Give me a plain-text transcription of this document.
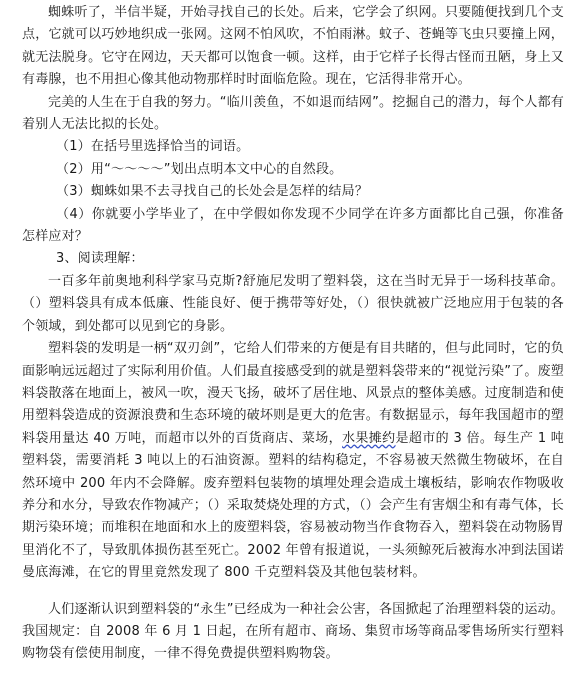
蜘蛛听了，半信半疑，开始寻找自己的长处。后来，它学会了织网。只要随便找到几个支点，它就可以巧妙地织成一张网。这网不怕风吹，不怕雨淋。蚊子、苍蝇等飞虫只要撞上网，就无法脱身。它守在网边，天天都可以饱食一顿。这样，由于它样子长得古怪而丑陋，身上又有毒腺，也不用担心像其他动物那样时时面临危险。现在，它活得非常开心。

完美的人生在于自我的努力。“临川羡鱼，不如退而结网”。挖掘自己的潜力，每个人都有着别人无法比拟的长处。

（1）在括号里选择恰当的词语。

（2）用“～～～～”划出点明本文中心的自然段。

（3）蜘蛛如果不去寻找自己的长处会是怎样的结局？

（4）你就要小学毕业了，在中学假如你发现不少同学在许多方面都比自己强，你准备怎样应对？

3、阅读理解：

一百多年前奥地利科学家马克斯?舒施尼发明了塑料袋，这在当时无异于一场科技革命。（）塑料袋具有成本低廉、性能良好、便于携带等好处，（）很快就被广泛地应用于包装的各个领域，到处都可以见到它的身影。

塑料袋的发明是一柄“双刃剑”，它给人们带来的方便是有目共睹的，但与此同时，它的负面影响远远超过了实际利用价值。人们最直接感受到的就是塑料袋带来的“视觉污染”了。废塑料袋散落在地面上，被风一吹，漫天飞扬，破坏了居住地、风景点的整体美感。过度制造和使用塑料袋造成的资源浪费和生态环境的破坏则是更大的危害。有数据显示，每年我国超市的塑料袋用量达 40 万吨，而超市以外的百货商店、菜场，水果摊约是超市的 3 倍。每生产 1 吨塑料袋，需要消耗 3 吨以上的石油资源。塑料的结构稳定，不容易被天然微生物破坏，在自然环境中 200 年内不会降解。废弃塑料包装物的填埋处理会造成土壤板结，影响农作物吸收养分和水分，导致农作物减产；（）采取焚烧处理的方式，（）会产生有害烟尘和有毒气体，长期污染环境；而堆积在地面和水上的废塑料袋，容易被动物当作食物吞入，塑料袋在动物肠胃里消化不了，导致肌体损伤甚至死亡。2002 年曾有报道说，一头须鲸死后被海水冲到法国诺曼底海滩，在它的胃里竟然发现了 800 千克塑料袋及其他包装材料。

人们逐渐认识到塑料袋的“永生”已经成为一种社会公害，各国掀起了治理塑料袋的运动。我国规定：自 2008 年 6 月 1 日起，在所有超市、商场、集贸市场等商品零售场所实行塑料购物袋有偿使用制度，一律不得免费提供塑料购物袋。
